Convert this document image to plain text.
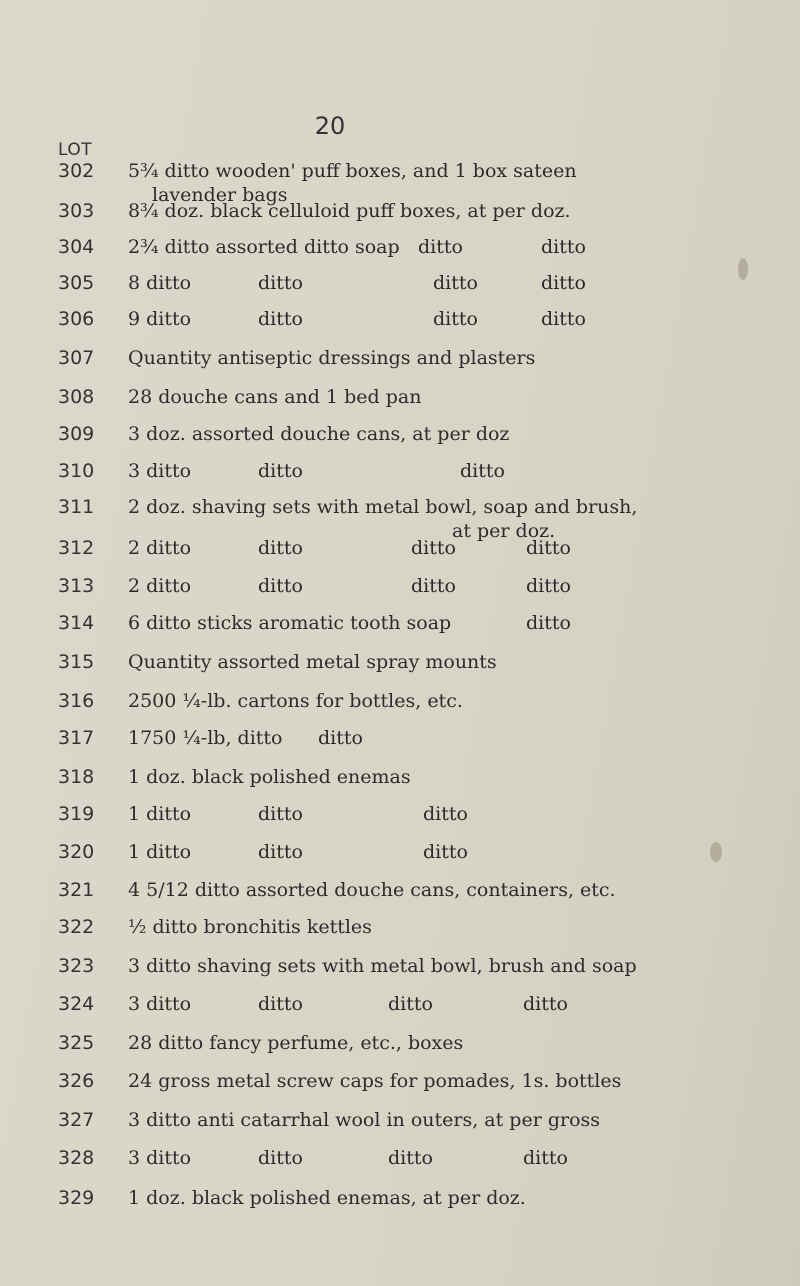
20
LOT
302 5¾ ditto wooden' puff boxes, and 1 box sateen
lavender bags
303 8¾ doz. black celluloid puff boxes, at per doz.
304 2¾ ditto assorted ditto soap ditto	ditto
305 8 ditto	ditto	ditto	ditto
306 9 ditto	ditto	ditto	ditto
307 Quantity antiseptic dressings and plasters
308 28 douche cans and 1 bed pan
309 3 doz. assorted douche cans, at per doz
310 3 ditto	ditto	ditto
311 2 doz. shaving sets with metal bowl, soap and brush,
at per doz.
312 2 ditto	ditto	ditto	ditto
313 2 ditto	ditto	ditto	ditto
314 6 ditto sticks aromatic tooth soap	ditto
315 Quantity assorted metal spray mounts
316 2500 ¼-lb. cartons for bottles, etc.
317 1750 ¼-lb, ditto ditto
318 1 doz. black polished enemas
319 1 ditto	ditto	ditto
320 1 ditto	ditto	ditto
321 4 5/12 ditto assorted douche cans, containers, etc.
322 ½ ditto bronchitis kettles
323 3 ditto shaving sets with metal bowl, brush and soap
324 3 ditto	ditto	ditto	ditto
325 28 ditto fancy perfume, etc., boxes
326 24 gross metal screw caps for pomades, 1s. bottles
327 3 ditto anti catarrhal wool in outers, at per gross
328 3 ditto	ditto	ditto	ditto
329 1 doz. black polished enemas, at per doz.
